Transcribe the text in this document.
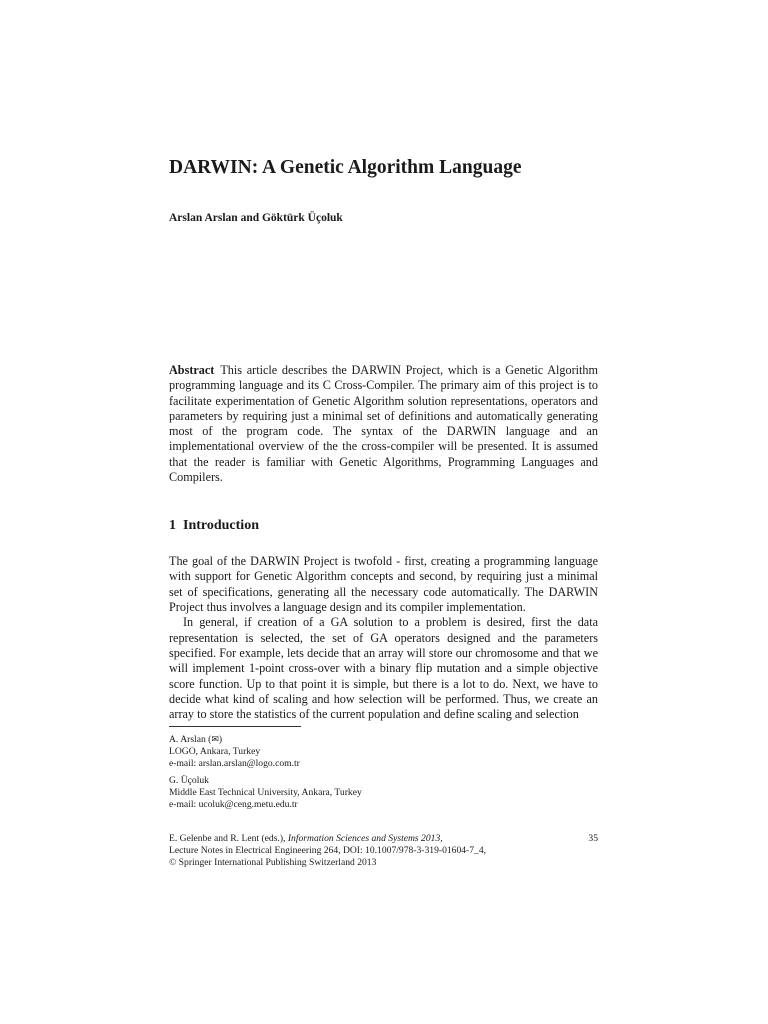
DARWIN: A Genetic Algorithm Language
Arslan Arslan and Göktürk Üçoluk

Abstract This article describes the DARWIN Project, which is a Genetic Algorithm programming language and its C Cross-Compiler. The primary aim of this project is to facilitate experimentation of Genetic Algorithm solution representations, operators and parameters by requiring just a minimal set of definitions and automatically generating most of the program code. The syntax of the DARWIN language and an implementational overview of the the cross-compiler will be presented. It is assumed that the reader is familiar with Genetic Algorithms, Programming Languages and Compilers.

1 Introduction

The goal of the DARWIN Project is twofold - first, creating a programming language with support for Genetic Algorithm concepts and second, by requiring just a minimal set of specifications, generating all the necessary code automatically. The DARWIN Project thus involves a language design and its compiler implementation.

In general, if creation of a GA solution to a problem is desired, first the data representation is selected, the set of GA operators designed and the parameters specified. For example, lets decide that an array will store our chromosome and that we will implement 1-point cross-over with a binary flip mutation and a simple objective score function. Up to that point it is simple, but there is a lot to do. Next, we have to decide what kind of scaling and how selection will be performed. Thus, we create an array to store the statistics of the current population and define scaling and selection

A. Arslan (✉)
LOGO, Ankara, Turkey
e-mail: arslan.arslan@logo.com.tr
G. Üçoluk
Middle East Technical University, Ankara, Turkey
e-mail: ucoluk@ceng.metu.edu.tr
E. Gelenbe and R. Lent (eds.), Information Sciences and Systems 2013,
Lecture Notes in Electrical Engineering 264, DOI: 10.1007/978-3-319-01604-7_4,
© Springer International Publishing Switzerland 2013
35
